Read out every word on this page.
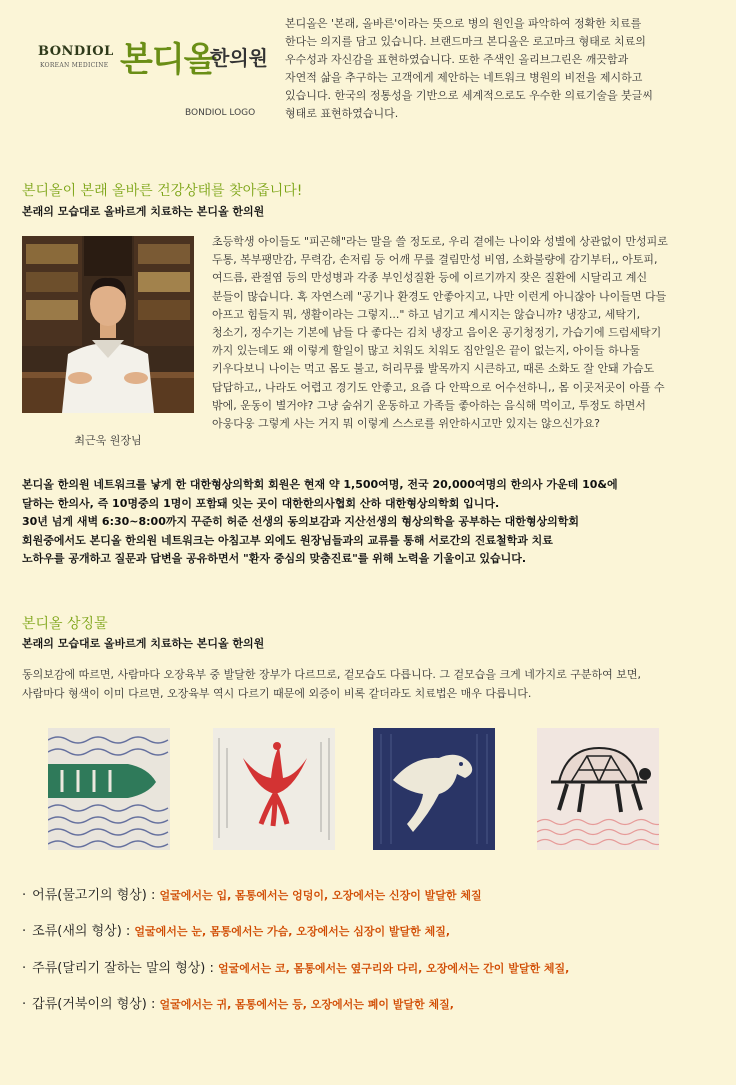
BONDIOL
KOREAN MEDICINE 본디올
한의원
BONDIOL LOGO
본디올은 '본래, 올바른'이라는 뜻으로 병의 원인을 파악하여 정확한 치료를
한다는 의지를 담고 있습니다. 브랜드마크 본디올은 로고마크 형태로 치료의
우수성과 자신감을 표현하였습니다. 또한 주색인 올리브그린은 깨끗함과
자연적 삶을 추구하는 고객에게 제안하는 네트워크 병원의 비전을 제시하고
있습니다. 한국의 정통성을 기반으로 세계적으로도 우수한 의료기술을 붓글씨
형태로 표현하였습니다.
본디올이 본래 올바른 건강상태를 찾아줍니다!
본래의 모습대로 올바르게 치료하는 본디올 한의원
최근욱 원장님
초등학생 아이들도 "피곤해"라는 말을 쓸 정도로, 우리 곁에는 나이와 성별에 상관없이 만성피로
두통, 복부팽만감, 무력감, 손저림 등 어깨 무릎 결림만성 비염, 소화불량에 감기부터,, 아토피,
여드름, 관절염 등의 만성병과 각종 부인성질환 등에 이르기까지 잦은 질환에 시달리고 계신
분들이 많습니다. 혹 자연스레 "공기나 환경도 안좋아지고, 나만 이런게 아니잖아 나이들면 다들
아프고 힘들지 뭐, 생활이라는 그렇지..." 하고 넘기고 계시지는 않습니까? 냉장고, 세탁기,
청소기, 정수기는 기본에 남들 다 좋다는 김치 냉장고 음이온 공기청정기, 가습기에 드럼세탁기
까지 있는데도 왜 이렇게 할일이 많고 치워도 치워도 집안일은 끝이 없는지, 아이들 하나둘
키우다보니 나이는 먹고 몸도 불고, 허리무릎 발목까지 시큰하고, 때론 소화도 잘 안돼 가슴도
답답하고,, 나라도 어렵고 경기도 안좋고, 요즘 다 안팍으로 어수선하니,, 몸 이곳저곳이 아플 수
밖에, 운동이 별거야? 그냥 숨쉬기 운동하고 가족들 좋아하는 음식해 먹이고, 투정도 하면서
아웅다웅 그렇게 사는 거지 뭐 이렇게 스스로를 위안하시고만 있지는 않으신가요?
본디올 한의원 네트워크를 낳게 한 대한형상의학회 회원은 현재 약 1,500여명, 전국 20,000여명의 한의사 가운데 10&에
달하는 한의사, 즉 10명중의 1명이 포함돼 잇는 곳이 대한한의사협회 산하 대한형상의학회 입니다.
30년 넘게 새벽 6:30~8:00까지 꾸준히 허준 선생의 동의보감과 지산선생의 형상의학을 공부하는 대한형상의학회
회원중에서도 본디올 한의원 네트워크는 아침고부 외에도 원장님들과의 교류를 통해 서로간의 진료철학과 치료
노하우를 공개하고 질문과 답변을 공유하면서 "환자 중심의 맞춤진료"를 위해 노력을 기울이고 있습니다.
본디올 상징물
본래의 모습대로 올바르게 치료하는 본디올 한의원
동의보감에 따르면, 사람마다 오장육부 중 발달한 장부가 다르므로, 겉모습도 다릅니다. 그 겉모습을 크게 네가지로 구분하여 보면,
사람마다 형색이 이미 다르면, 오장육부 역시 다르기 때문에 외증이 비록 같더라도 치료법은 매우 다릅니다.
· 어류(물고기의 형상) : 얼굴에서는 입, 몸통에서는 엉덩이, 오장에서는 신장이 발달한 체질
· 조류(새의 형상) : 얼굴에서는 눈, 몸통에서는 가슴, 오장에서는 심장이 발달한 체질,
· 주류(달리기 잘하는 말의 형상) : 얼굴에서는 코, 몸통에서는 옆구리와 다리, 오장에서는 간이 발달한 체질,
· 갑류(거북이의 형상) : 얼굴에서는 귀, 몸통에서는 등, 오장에서는 폐이 발달한 체질,
